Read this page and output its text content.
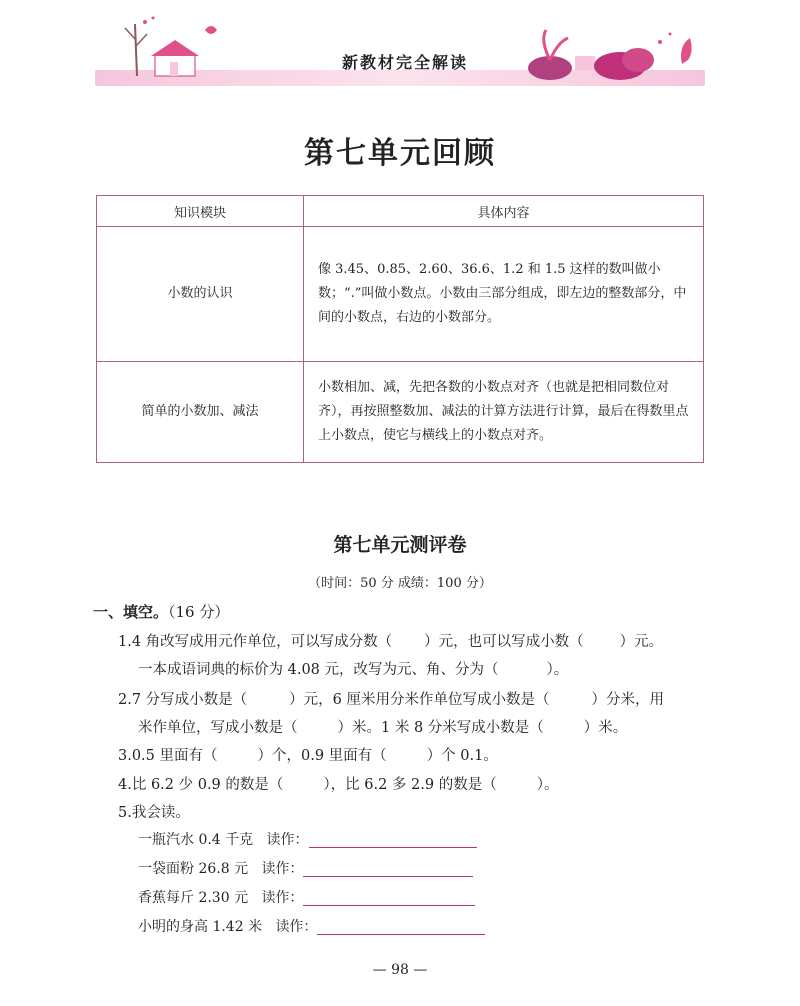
新教材完全解读
第七单元回顾
知识模块	具体内容
小数的认识	像 3.45、0.85、2.60、36.6、1.2 和 1.5 这样的数叫做小数；“.”叫做小数点。小数由三部分组成，即左边的整数部分，中间的小数点，右边的小数部分。
简单的小数加、减法	小数相加、减，先把各数的小数点对齐（也就是把相同数位对齐），再按照整数加、减法的计算方法进行计算，最后在得数里点上小数点，使它与横线上的小数点对齐。
第七单元测评卷
（时间：50 分 成绩：100 分）
一、填空。（16 分）
1.4 角改写成用元作单位，可以写成分数（ ）元，也可以写成小数（ ）元。
一本成语词典的标价为 4.08 元，改写为元、角、分为（	）。
2.7 分写成小数是（	）元，6 厘米用分米作单位写成小数是（	）分米，用
米作单位，写成小数是（	）米。1 米 8 分米写成小数是（	）米。
3.0.5 里面有（	）个，0.9 里面有（	）个 0.1。
4.比 6.2 少 0.9 的数是（	），比 6.2 多 2.9 的数是（	）。
5.我会读。
一瓶汽水 0.4 千克 读作：
一袋面粉 26.8 元 读作：
香蕉每斤 2.30 元 读作：
小明的身高 1.42 米 读作：
— 98 —
